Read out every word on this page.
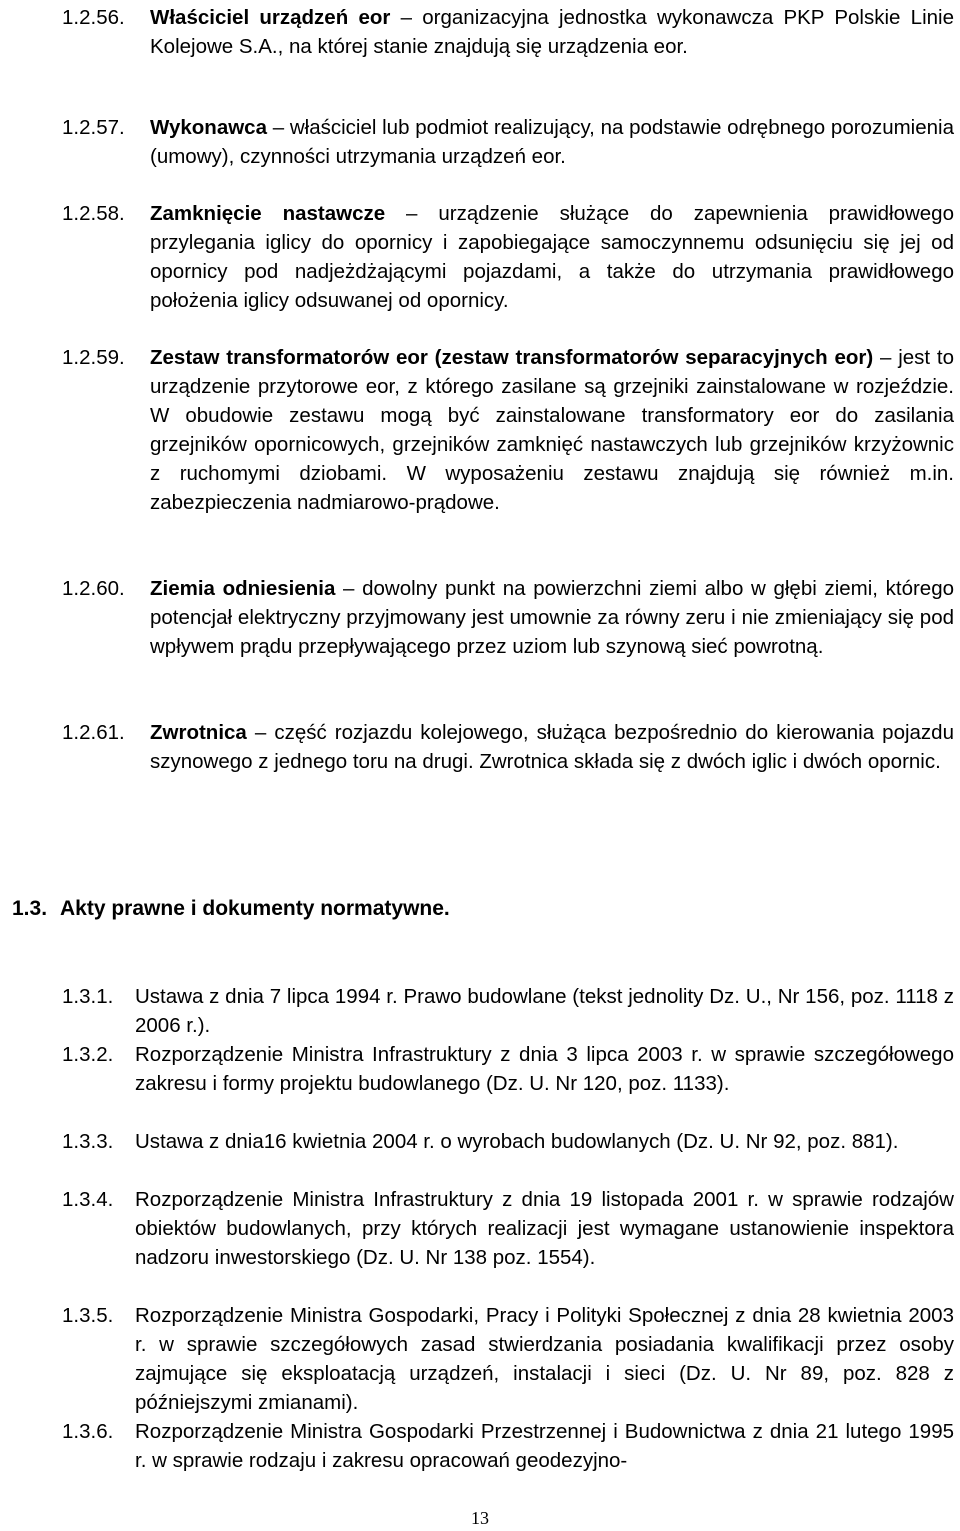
1.2.56. Właściciel urządzeń eor – organizacyjna jednostka wykonawcza PKP Polskie Linie Kolejowe S.A., na której stanie znajdują się urządzenia eor.
1.2.57. Wykonawca – właściciel lub podmiot realizujący, na podstawie odrębnego porozumienia (umowy), czynności utrzymania urządzeń eor.
1.2.58. Zamknięcie nastawcze – urządzenie służące do zapewnienia prawidłowego przylegania iglicy do opornicy i zapobiegające samoczynnemu odsunięciu się jej od opornicy pod nadjeżdżającymi pojazdami, a także do utrzymania prawidłowego położenia iglicy odsuwanej od opornicy.
1.2.59. Zestaw transformatorów eor (zestaw transformatorów separacyjnych eor) – jest to urządzenie przytorowe eor, z którego zasilane są grzejniki zainstalowane w rozjeździe. W obudowie zestawu mogą być zainstalowane transformatory eor do zasilania grzejników opornicowych, grzejników zamknięć nastawczych lub grzejników krzyżownic z ruchomymi dziobami. W wyposażeniu zestawu znajdują się również m.in. zabezpieczenia nadmiarowo-prądowe.
1.2.60. Ziemia odniesienia – dowolny punkt na powierzchni ziemi albo w głębi ziemi, którego potencjał elektryczny przyjmowany jest umownie za równy zeru i nie zmieniający się pod wpływem prądu przepływającego przez uziom lub szynową sieć powrotną.
1.2.61. Zwrotnica – część rozjazdu kolejowego, służąca bezpośrednio do kierowania pojazdu szynowego z jednego toru na drugi. Zwrotnica składa się z dwóch iglic i dwóch opornic.
1.3. Akty prawne i dokumenty normatywne.
1.3.1. Ustawa z dnia 7 lipca 1994 r. Prawo budowlane (tekst jednolity Dz. U., Nr 156, poz. 1118 z 2006 r.).
1.3.2. Rozporządzenie Ministra Infrastruktury z dnia 3 lipca 2003 r. w sprawie szczegółowego zakresu i formy projektu budowlanego (Dz. U. Nr 120, poz. 1133).
1.3.3. Ustawa z dnia16 kwietnia 2004 r. o wyrobach budowlanych (Dz. U. Nr 92, poz. 881).
1.3.4. Rozporządzenie Ministra Infrastruktury z dnia 19 listopada 2001 r. w sprawie rodzajów obiektów budowlanych, przy których realizacji jest wymagane ustanowienie inspektora nadzoru inwestorskiego (Dz. U. Nr 138 poz. 1554).
1.3.5. Rozporządzenie Ministra Gospodarki, Pracy i Polityki Społecznej z dnia 28 kwietnia 2003 r. w sprawie szczegółowych zasad stwierdzania posiadania kwalifikacji przez osoby zajmujące się eksploatacją urządzeń, instalacji i sieci (Dz. U. Nr 89, poz. 828 z późniejszymi zmianami).
1.3.6. Rozporządzenie Ministra Gospodarki Przestrzennej i Budownictwa z dnia 21 lutego 1995 r. w sprawie rodzaju i zakresu opracowań geodezyjno-
13
